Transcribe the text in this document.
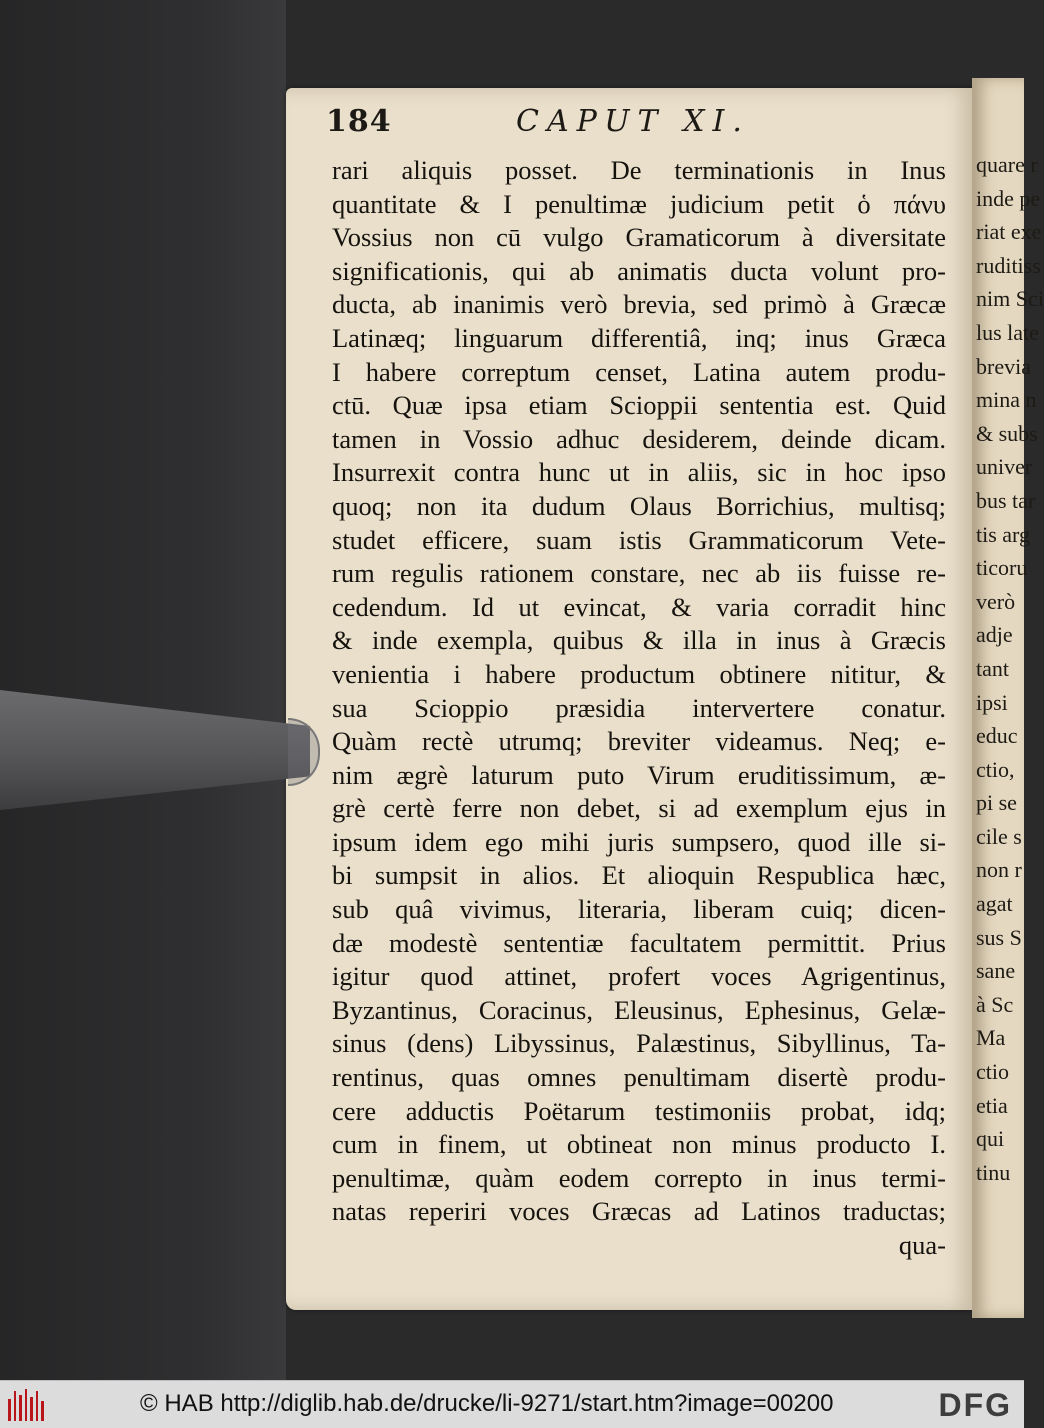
184	CAPUT XI.
rari aliquis posset. De terminationis in Inus
quantitate & I penultimæ judicium petit ὁ πάνυ
Vossius non cū vulgo Gramaticorum à diversitate
significationis, qui ab animatis ducta volunt pro-
ducta, ab inanimis verò brevia, sed primò à Græcæ
Latinæq; linguarum differentiâ, inq; inus Græca
I habere correptum censet, Latina autem produ-
ctū. Quæ ipsa etiam Scioppii sententia est. Quid
tamen in Vossio adhuc desiderem, deinde dicam.
Insurrexit contra hunc ut in aliis, sic in hoc ipso
quoq; non ita dudum Olaus Borrichius, multisq;
studet efficere, suam istis Grammaticorum Vete-
rum regulis rationem constare, nec ab iis fuisse re-
cedendum. Id ut evincat, & varia corradit hinc
& inde exempla, quibus & illa in inus à Græcis
venientia i habere productum obtinere nititur, &
sua Scioppio præsidia intervertere conatur.
Quàm rectè utrumq; breviter videamus. Neq; e-
nim ægrè laturum puto Virum eruditissimum, æ-
grè certè ferre non debet, si ad exemplum ejus in
ipsum idem ego mihi juris sumpsero, quod ille si-
bi sumpsit in alios. Et alioquin Respublica hæc,
sub quâ vivimus, literaria, liberam cuiq; dicen-
dæ modestè sententiæ facultatem permittit. Prius
igitur quod attinet, profert voces Agrigentinus,
Byzantinus, Coracinus, Eleusinus, Ephesinus, Gelæ-
sinus (dens) Libyssinus, Palæstinus, Sibyllinus, Ta-
rentinus, quas omnes penultimam disertè produ-
cere adductis Poëtarum testimoniis probat, idq;
cum in finem, ut obtineat non minus producto I.
penultimæ, quàm eodem correpto in inus termi-
natas reperiri voces Græcas ad Latinos traductas;
qua-
quare r
inde pe
riat exe
ruditiss
nim Sci
lus late
brevia
mina n
& subs
univer
bus tar
tis arg
ticoru
verò
adje
tant
ipsi
educ
ctio,
pi se
cile s
non r
agat
sus S
sane
à Sc
Ma
ctio
etia
qui
tinu
© HAB http://diglib.hab.de/drucke/li-9271/start.htm?image=00200	DFG
